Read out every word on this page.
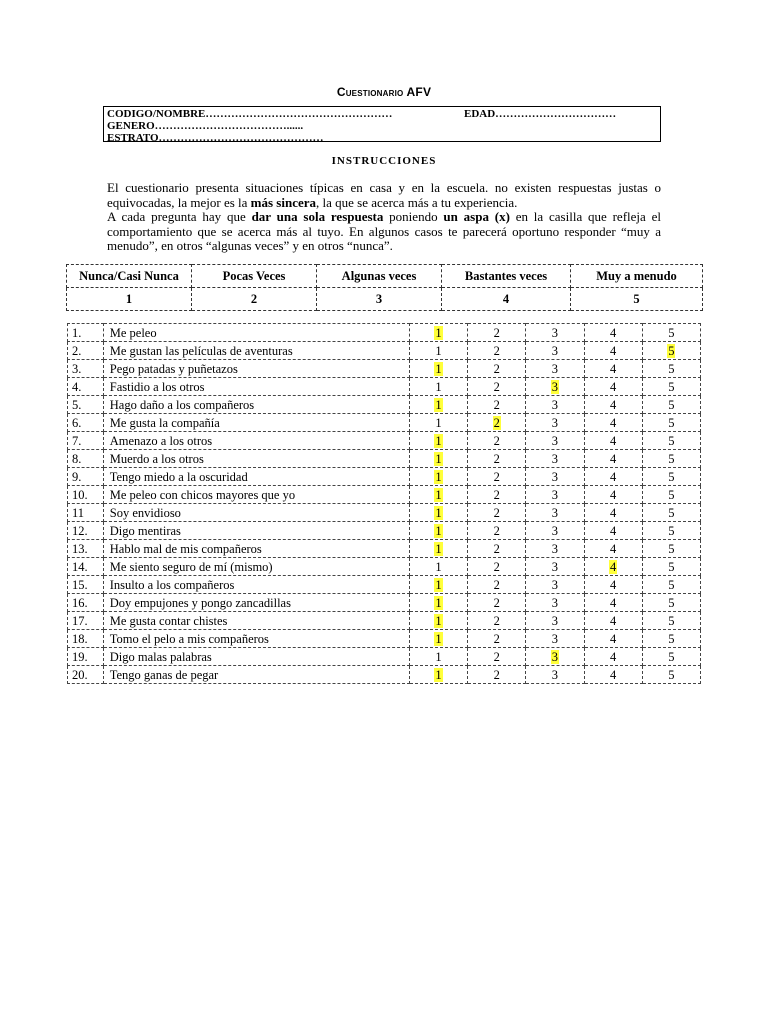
Cuestionario AFV
CODIGO/NOMBRE……………………………………………	EDAD……………………………
GENERO………………………………......
ESTRATO………………………………………
INSTRUCCIONES

El cuestionario presenta situaciones típicas en casa y en la escuela. no existen respuestas justas o equivocadas, la mejor es la más sincera, la que se acerca más a tu experiencia.

A cada pregunta hay que dar una sola respuesta poniendo un aspa (x) en la casilla que refleja el comportamiento que se acerca más al tuyo. En algunos casos te parecerá oportuno responder “muy a menudo”, en otros “algunas veces” y en otros “nunca”.

Nunca/Casi Nunca	Pocas Veces	Algunas veces	Bastantes veces	Muy a menudo
1	2	3	4	5
1.	Me peleo	1	2	3	4	5
2.	Me gustan las películas de aventuras	1	2	3	4	5
3.	Pego patadas y puñetazos	1	2	3	4	5
4.	Fastidio a los otros	1	2	3	4	5
5.	Hago daño a los compañeros	1	2	3	4	5
6.	Me gusta la compañía	1	2	3	4	5
7.	Amenazo a los otros	1	2	3	4	5
8.	Muerdo a los otros	1	2	3	4	5
9.	Tengo miedo a la oscuridad	1	2	3	4	5
10.	Me peleo con chicos mayores que yo	1	2	3	4	5
11	Soy envidioso	1	2	3	4	5
12.	Digo mentiras	1	2	3	4	5
13.	Hablo mal de mis compañeros	1	2	3	4	5
14.	Me siento seguro de mí (mismo)	1	2	3	4	5
15.	Insulto a los compañeros	1	2	3	4	5
16.	Doy empujones y pongo zancadillas	1	2	3	4	5
17.	Me gusta contar chistes	1	2	3	4	5
18.	Tomo el pelo a mis compañeros	1	2	3	4	5
19.	Digo malas palabras	1	2	3	4	5
20.	Tengo ganas de pegar	1	2	3	4	5
